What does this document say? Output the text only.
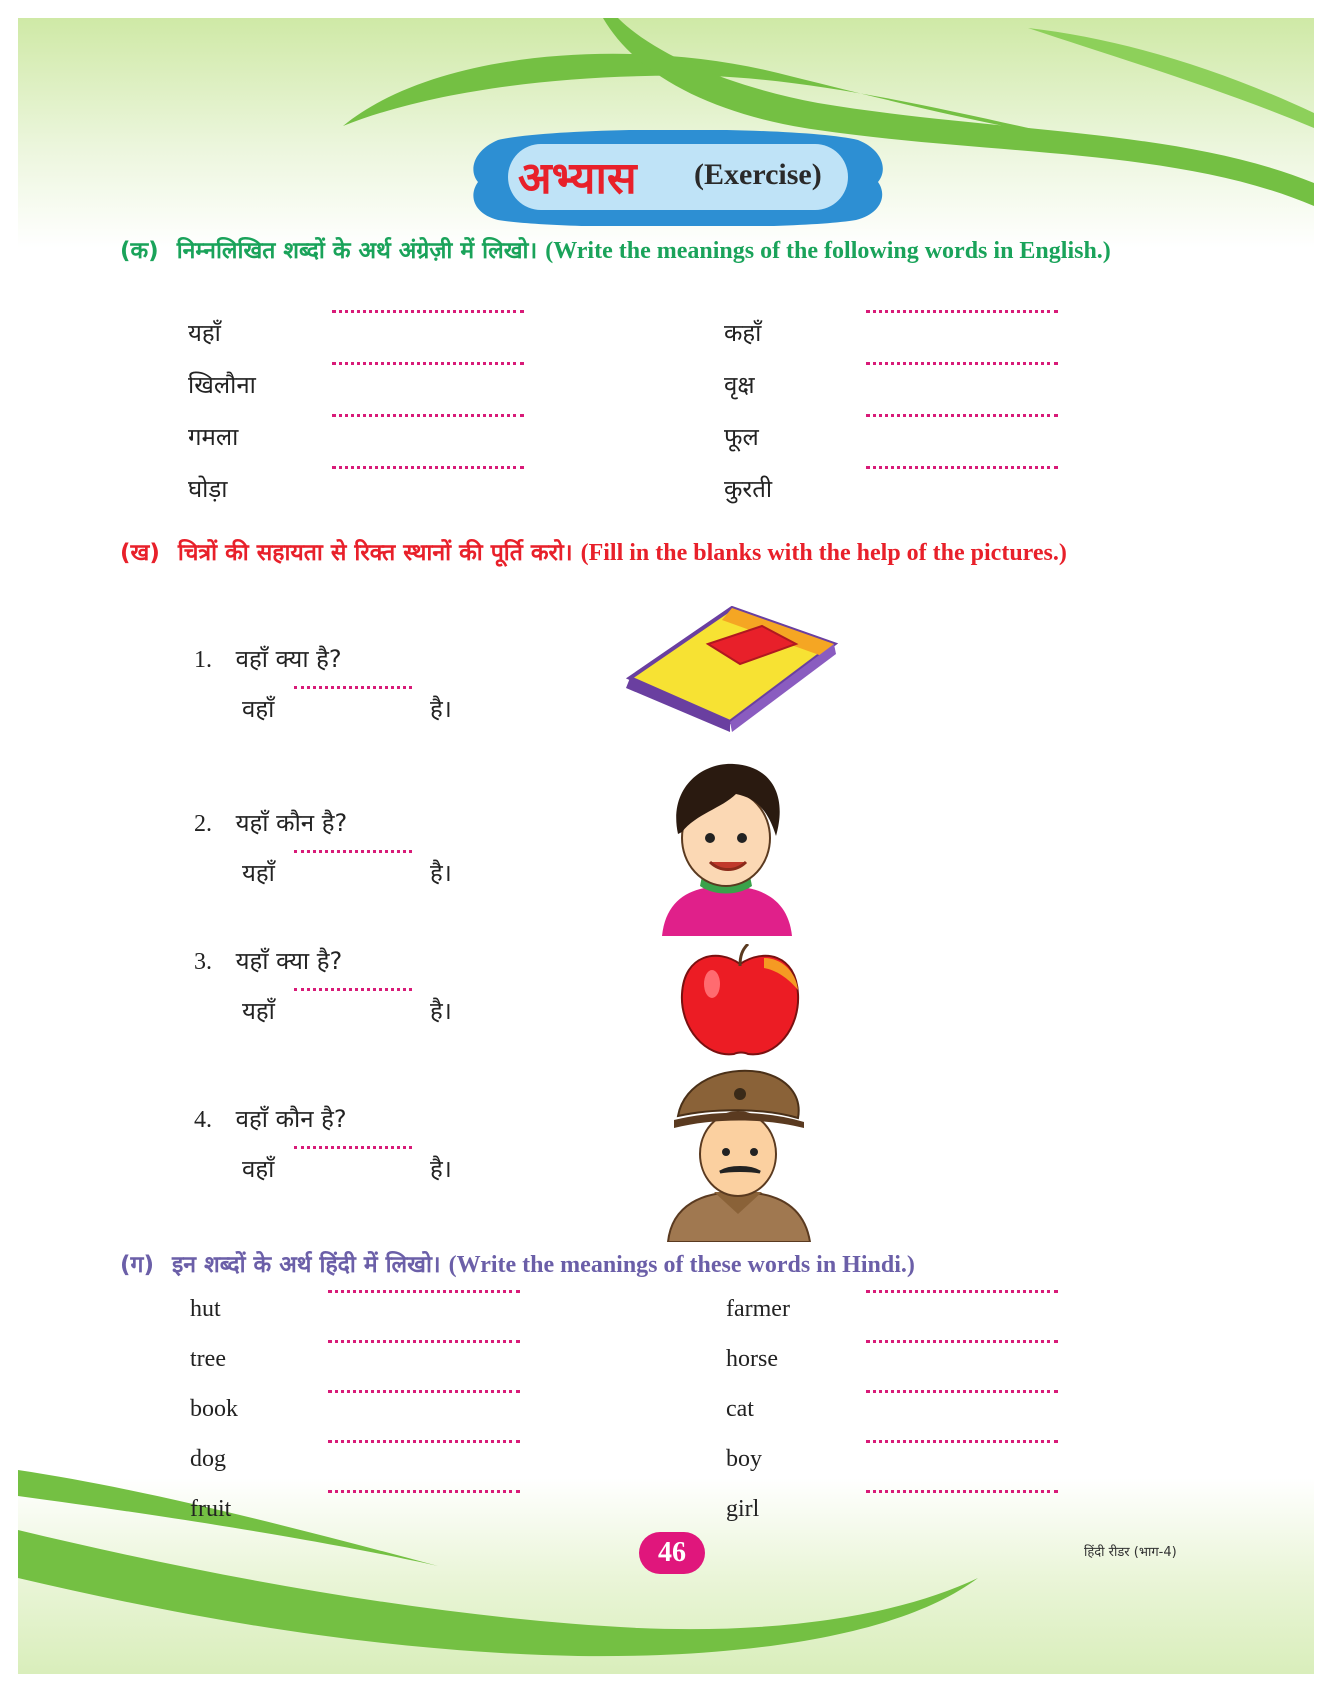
अभ्यास (Exercise)
(क) निम्नलिखित शब्दों के अर्थ अंग्रेज़ी में लिखो। (Write the meanings of the following words in English.)
यहाँ
खिलौना
गमला
घोड़ा
कहाँ
वृक्ष
फूल
कुरती
(ख) चित्रों की सहायता से रिक्त स्थानों की पूर्ति करो। (Fill in the blanks with the help of the pictures.)
1. वहाँ क्या है?
वहाँ	है।
2. यहाँ कौन है?
यहाँ	है।
3. यहाँ क्या है?
यहाँ	है।
4. वहाँ कौन है?
वहाँ	है।
(ग) इन शब्दों के अर्थ हिंदी में लिखो। (Write the meanings of these words in Hindi.)
hut
tree
book
dog
fruit
farmer
horse
cat
boy
girl
46	हिंदी रीडर (भाग-4)
